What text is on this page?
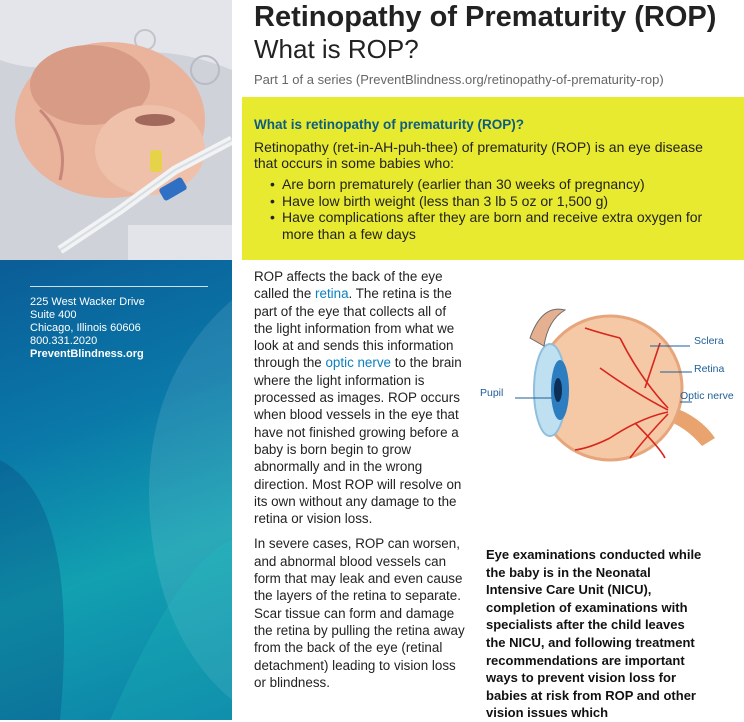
225 West Wacker Drive
Suite 400
Chicago, Illinois 60606
800.331.2020
PreventBlindness.org
Retinopathy of Prematurity (ROP)
What is ROP?
Part 1 of a series (PreventBlindness.org/retinopathy-of-prematurity-rop)
What is retinopathy of prematurity (ROP)?

Retinopathy (ret-in-AH-puh-thee) of prematurity (ROP) is an eye disease that occurs in some babies who:

• Are born prematurely (earlier than 30 weeks of pregnancy)
• Have low birth weight (less than 3 lb 5 oz or 1,500 g)
• Have complications after they are born and receive extra oxygen for more than a few days

ROP affects the back of the eye called the retina. The retina is the part of the eye that collects all of the light information from what we look at and sends this information through the optic nerve to the brain where the light information is processed as images. ROP occurs when blood vessels in the eye that have not finished growing before a baby is born begin to grow abnormally and in the wrong direction. Most ROP will resolve on its own without any damage to the retina or vision loss.

In severe cases, ROP can worsen, and abnormal blood vessels can form that may leak and even cause the layers of the retina to separate. Scar tissue can form and damage the retina by pulling the retina away from the back of the eye (retinal detachment) leading to vision loss or blindness.

Pupil
Sclera
Retina
Optic nerve

Eye examinations conducted while the baby is in the Neonatal Intensive Care Unit (NICU), completion of examinations with specialists after the child leaves the NICU, and following treatment recommendations are important ways to prevent vision loss for babies at risk from ROP and other vision issues which
